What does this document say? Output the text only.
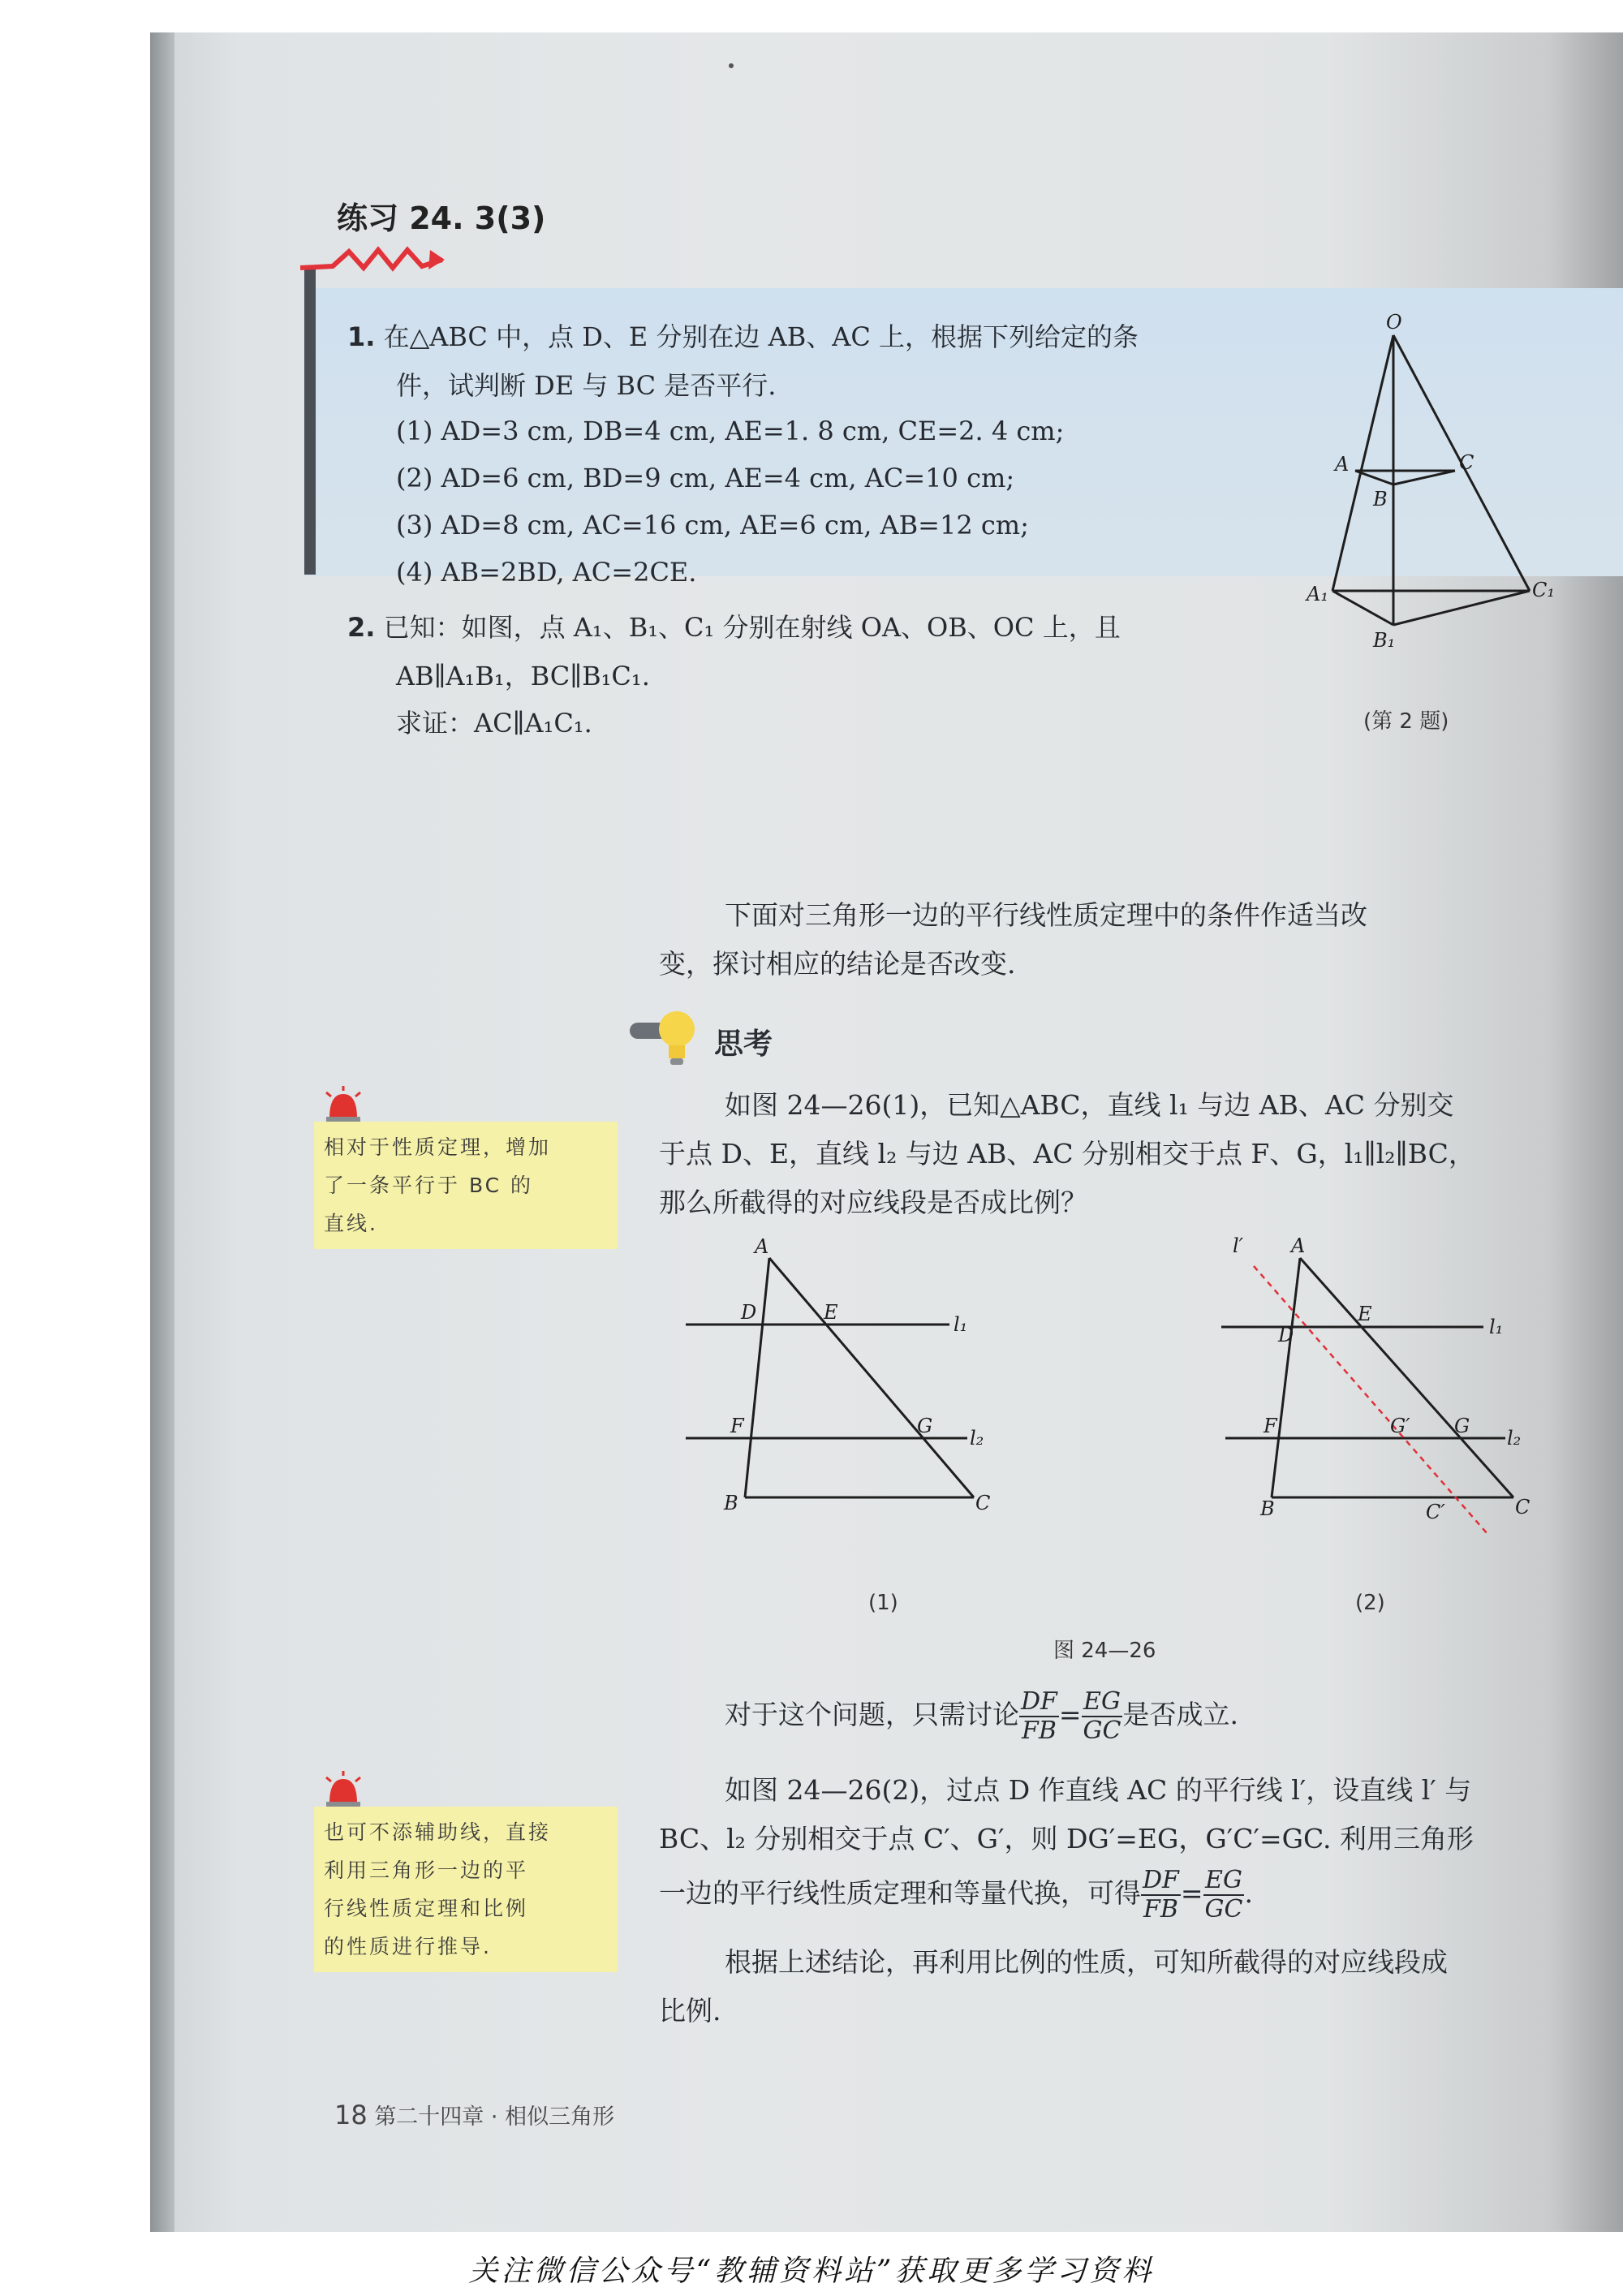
练习 24. 3(3)
1. 在△ABC 中，点 D、E 分别在边 AB、AC 上，根据下列给定的条
件，试判断 DE 与 BC 是否平行.
(1) AD=3 cm, DB=4 cm, AE=1. 8 cm, CE=2. 4 cm;
(2) AD=6 cm, BD=9 cm, AE=4 cm, AC=10 cm;
(3) AD=8 cm, AC=16 cm, AE=6 cm, AB=12 cm;
(4) AB=2BD, AC=2CE.
2. 已知：如图，点 A₁、B₁、C₁ 分别在射线 OA、OB、OC 上，且
AB∥A₁B₁，BC∥B₁C₁.
求证：AC∥A₁C₁.
O
A
B
C
A₁
B₁
C₁
(第 2 题)
下面对三角形一边的平行线性质定理中的条件作适当改
变，探讨相应的结论是否改变.
思考
如图 24—26(1)，已知△ABC，直线 l₁ 与边 AB、AC 分别交
于点 D、E，直线 l₂ 与边 AB、AC 分别相交于点 F、G，l₁∥l₂∥BC，
那么所截得的对应线段是否成比例？
相对于性质定理，增加
了一条平行于 BC 的
直线.
A
D	E
l₁
F	G
l₂
B	C
(1)
l′ A
E
D	l₁
F	G′ G
l₂
B	C′	C
(2)
图 24—26
对于这个问题，只需讨论 $\frac{DF}{FB} = \frac{EG}{GC}$ 是否成立.
也可不添辅助线，直接
利用三角形一边的平
行线性质定理和比例
的性质进行推导.
如图 24—26(2)，过点 D 作直线 AC 的平行线 l′，设直线 l′ 与
BC、l₂ 分别相交于点 C′、G′，则 DG′=EG，G′C′=GC. 利用三角形
一边的平行线性质定理和等量代换，可得 $\frac{DF}{FB} = \frac{EG}{GC}$ .
根据上述结论，再利用比例的性质，可知所截得的对应线段成
比例.
18 第二十四章 · 相似三角形
关注微信公众号“教辅资料站”获取更多学习资料
